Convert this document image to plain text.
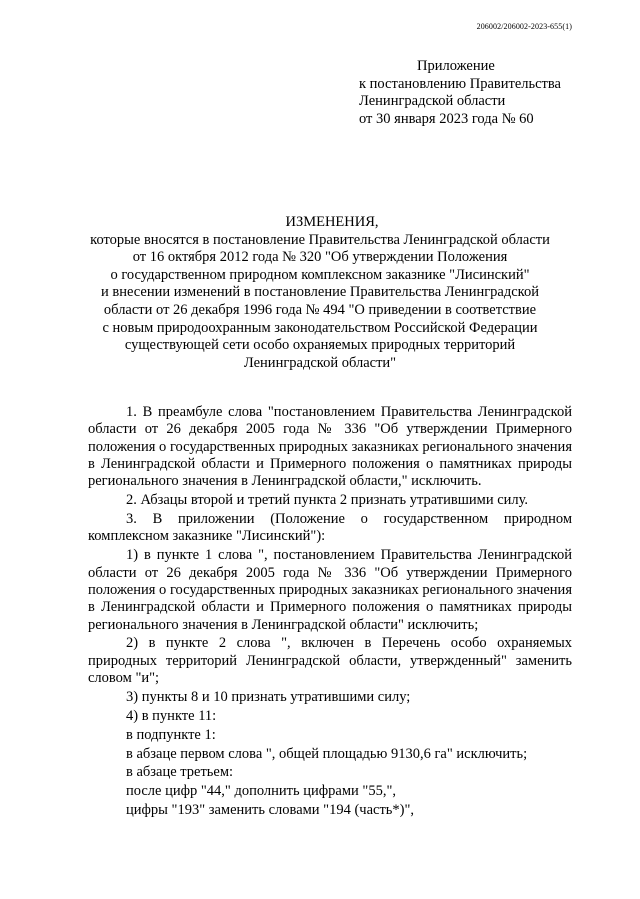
206002/206002-2023-655(1)
Приложение
к постановлению Правительства
Ленинградской области
от 30 января 2023 года № 60
ИЗМЕНЕНИЯ,
которые вносятся в постановление Правительства Ленинградской области
от 16 октября 2012 года № 320 "Об утверждении Положения
о государственном природном комплексном заказнике "Лисинский"
и внесении изменений в постановление Правительства Ленинградской
области от 26 декабря 1996 года № 494 "О приведении в соответствие
с новым природоохранным законодательством Российской Федерации
существующей сети особо охраняемых природных территорий
Ленинградской области"

1. В преамбуле слова "постановлением Правительства Ленинградской области от 26 декабря 2005 года № 336 "Об утверждении Примерного положения о государственных природных заказниках регионального значения в Ленинградской области и Примерного положения о памятниках природы регионального значения в Ленинградской области," исключить.

2. Абзацы второй и третий пункта 2 признать утратившими силу.

3. В приложении (Положение о государственном природном комплексном заказнике "Лисинский"):

1) в пункте 1 слова ", постановлением Правительства Ленинградской области от 26 декабря 2005 года № 336 "Об утверждении Примерного положения о государственных природных заказниках регионального значения в Ленинградской области и Примерного положения о памятниках природы регионального значения в Ленинградской области" исключить;

2) в пункте 2 слова ", включен в Перечень особо охраняемых природных территорий Ленинградской области, утвержденный" заменить словом "и";

3) пункты 8 и 10 признать утратившими силу;

4) в пункте 11:

в подпункте 1:

в абзаце первом слова ", общей площадью 9130,6 га" исключить;

в абзаце третьем:

после цифр "44," дополнить цифрами "55,",

цифры "193" заменить словами "194 (часть*)",
